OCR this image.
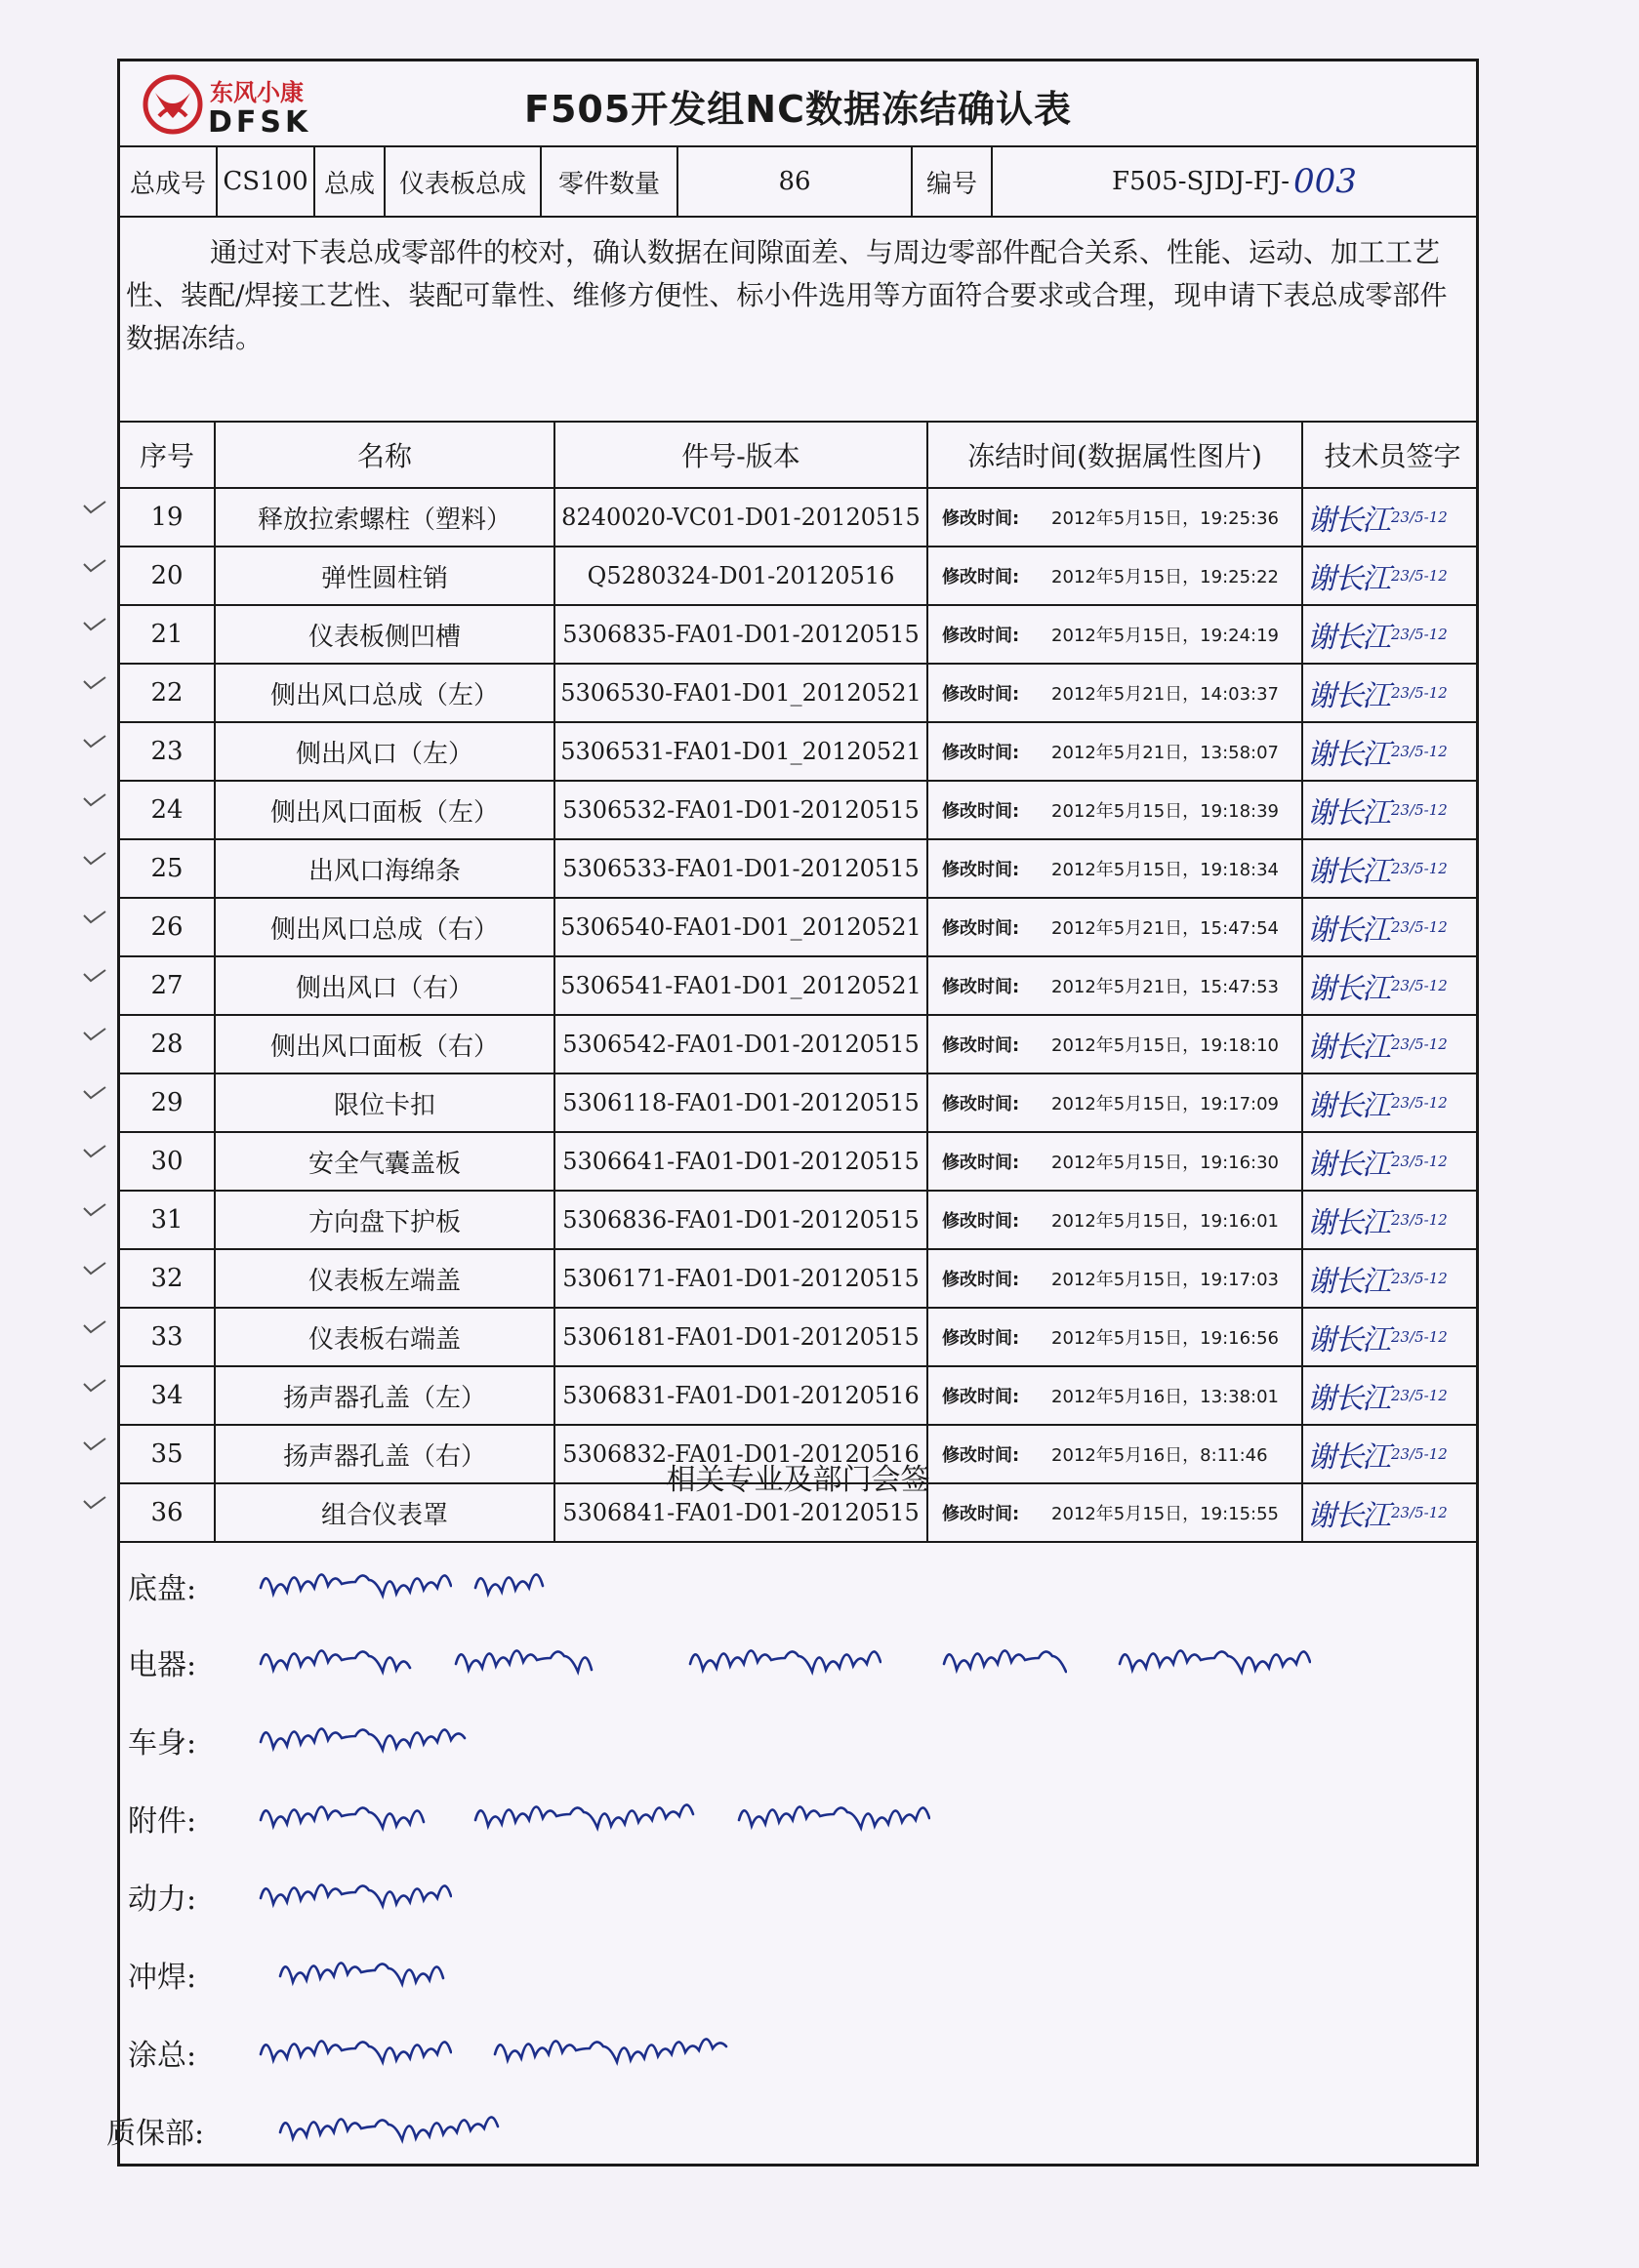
东风小康
DFSK	F505开发组NC数据冻结确认表
总成号 CS100 总成 仪表板总成	零件数量	86	编号	F505-SJDJ-FJ- 003
通过对下表总成零部件的校对，确认数据在间隙面差、与周边零部件配合关系、性能、运动、加工工艺性、装配/焊接工艺性、装配可靠性、维修方便性、标小件选用等方面符合要求或合理，现申请下表总成零部件数据冻结。
序号	名称	件号-版本	冻结时间(数据属性图片)	技术员签字
19	释放拉索螺柱（塑料）	8240020-VC01-D01-20120515	修改时间:	2012年5月15日，19:25:36 谢长江 23/5-12
20	弹性圆柱销	Q5280324-D01-20120516	修改时间:	2012年5月15日，19:25:22 谢长江 23/5-12
21	仪表板侧凹槽	5306835-FA01-D01-20120515	修改时间:	2012年5月15日，19:24:19 谢长江 23/5-12
22	侧出风口总成（左）	5306530-FA01-D01_20120521	修改时间:	2012年5月21日，14:03:37 谢长江 23/5-12
23	侧出风口（左）	5306531-FA01-D01_20120521	修改时间:	2012年5月21日，13:58:07 谢长江 23/5-12
24	侧出风口面板（左）	5306532-FA01-D01-20120515	修改时间:	2012年5月15日，19:18:39 谢长江 23/5-12
25	出风口海绵条	5306533-FA01-D01-20120515	修改时间:	2012年5月15日，19:18:34 谢长江 23/5-12
26	侧出风口总成（右）	5306540-FA01-D01_20120521	修改时间:	2012年5月21日，15:47:54 谢长江 23/5-12
27	侧出风口（右）	5306541-FA01-D01_20120521	修改时间:	2012年5月21日，15:47:53 谢长江 23/5-12
28	侧出风口面板（右）	5306542-FA01-D01-20120515	修改时间:	2012年5月15日，19:18:10 谢长江 23/5-12
29	限位卡扣	5306118-FA01-D01-20120515	修改时间:	2012年5月15日，19:17:09 谢长江 23/5-12
30	安全气囊盖板	5306641-FA01-D01-20120515	修改时间:	2012年5月15日，19:16:30 谢长江 23/5-12
31	方向盘下护板	5306836-FA01-D01-20120515	修改时间:	2012年5月15日，19:16:01 谢长江 23/5-12
32	仪表板左端盖	5306171-FA01-D01-20120515	修改时间:	2012年5月15日，19:17:03 谢长江 23/5-12
33	仪表板右端盖	5306181-FA01-D01-20120515	修改时间:	2012年5月15日，19:16:56 谢长江 23/5-12
34	扬声器孔盖（左）	5306831-FA01-D01-20120516	修改时间:	2012年5月16日，13:38:01 谢长江 23/5-12
35	扬声器孔盖（右）	5306832-FA01-D01-20120516	修改时间:	2012年5月16日，8:11:46 谢长江 23/5-12
36	组合仪表罩	5306841-FA01-D01-20120515	修改时间:	2012年5月15日，19:15:55 谢长江 23/5-12
相关专业及部门会签
底盘:
电器:
车身:
附件:
动力:
冲焊:
涂总:
质保部:
